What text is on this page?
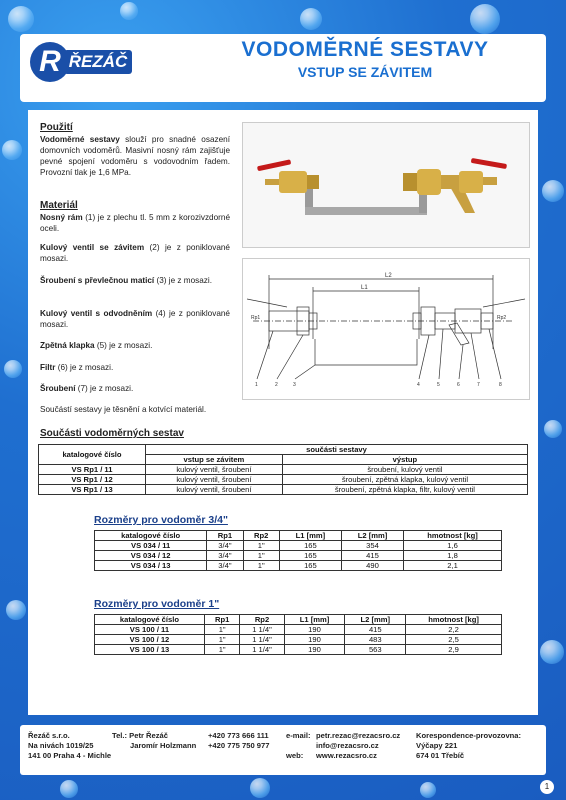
R ŘEZÁČ
VODOMĚRNÉ SESTAVY
VSTUP SE ZÁVITEM
Použití
Vodoměrné sestavy slouží pro snadné osazení domovních vodoměrů. Masivní nosný rám zajišťuje pevné spojení vodoměru s vodovodním řadem. Provozní tlak je 1,6 MPa.
Materiál
Nosný rám (1) je z plechu tl. 5 mm z korozivzdorné oceli.
Kulový ventil se závitem (2) je z poniklované mosazi.
Šroubení s převlečnou maticí (3) je z mosazi.
Kulový ventil s odvodněním (4) je z poniklované mosazi.
Zpětná klapka (5) je z mosazi.
Filtr (6) je z mosazi.
Šroubení (7) je z mosazi.
Součástí sestavy je těsnění a kotvící materiál.
L2
L1
Rp1	Rp2
1	2	3	4	5	6	7	8
Součásti vodoměrných sestav
katalogové číslo	součásti sestavy	
	vstup se závitem	výstup
VS Rp1 / 11	kulový ventil, šroubení	šroubení, kulový ventil
VS Rp1 / 12	kulový ventil, šroubení	šroubení, zpětná klapka, kulový ventil
VS Rp1 / 13	kulový ventil, šroubení	šroubení, zpětná klapka, filtr, kulový ventil
Rozměry pro vodoměr 3/4"
katalogové číslo	Rp1	Rp2	L1 [mm]	L2 [mm]	hmotnost [kg]
VS 034 / 11	3/4"	1"	165	354	1,6
VS 034 / 12	3/4"	1"	165	415	1,8
VS 034 / 13	3/4"	1"	165	490	2,1
Rozměry pro vodoměr 1"
katalogové číslo	Rp1	Rp2	L1 [mm]	L2 [mm]	hmotnost [kg]
VS 100 / 11	1"	1 1/4"	190	415	2,2
VS 100 / 12	1"	1 1/4"	190	483	2,5
VS 100 / 13	1"	1 1/4"	190	563	2,9
Řezáč s.r.o.
Na nivách 1019/25
141 00 Praha 4 - Michle
Tel.: Petr Řezáč
Jaromír Holzmann
+420 773 666 111
+420 775 750 977
e-mail: petr.rezac@rezacsro.cz
info@rezacsro.cz
web: www.rezacsro.cz
Korespondence-provozovna:
Výčapy 221
674 01 Třebíč
1
